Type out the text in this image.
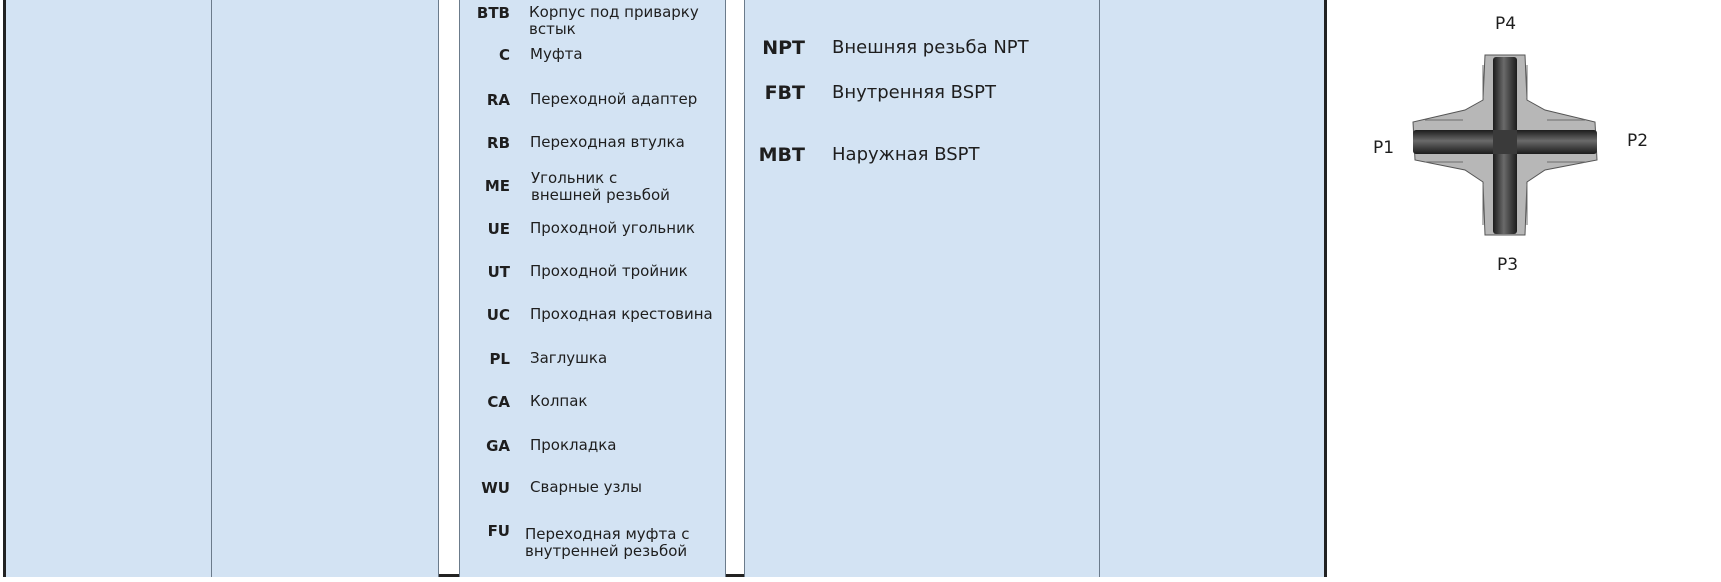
BTB Корпус под приварку встык
C Муфта
RA Переходной адаптер
RB Переходная втулка
ME Угольник с внешней резьбой
UE Проходной угольник
UT Проходной тройник
UC Проходная крестовина
PL Заглушка
CA Колпак
GA Прокладка
WU Сварные узлы
FU Переходная муфта с внутренней резьбой
NPT Внешняя резьба NPT
FBT Внутренняя BSPT
MBT Наружная BSPT
P4
P1	P2
P3
